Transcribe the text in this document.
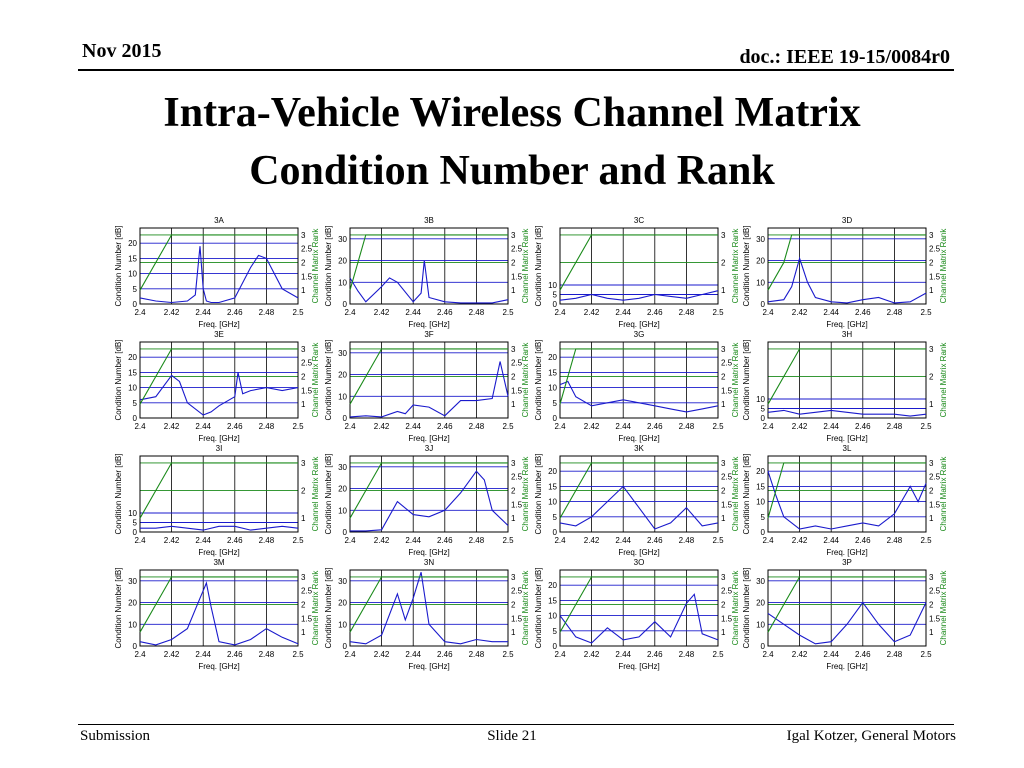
Nov 2015	doc.: IEEE 19-15/0084r0
Intra-Vehicle Wireless Channel Matrix
Condition Number and Rank
2.4 2.42 2.44 2.46 2.48 2.5
0
5
10
15
20
1
1.5
2
2.5
3
3A
Freq. [GHz]
Condition Number [dB]	Channel Matrix Rank
2.4 2.42 2.44 2.46 2.48 2.5
0
10
20
30
1
1.5
2
2.5
3
3B
Freq. [GHz]
Condition Number [dB]	Channel Matrix Rank
2.4 2.42 2.44 2.46 2.48 2.5
0
5
10
1
2
3
3C
Freq. [GHz]
Condition Number [dB]	Channel Matrix Rank
2.4 2.42 2.44 2.46 2.48 2.5
0
10
20
30
1
1.5
2
2.5
3
3D
Freq. [GHz]
Condition Number [dB]	Channel Matrix Rank
2.4 2.42 2.44 2.46 2.48 2.5
0
5
10
15
20
1
1.5
2
2.5
3
3E
Freq. [GHz]
Condition Number [dB]	Channel Matrix Rank
2.4 2.42 2.44 2.46 2.48 2.5
0
10
20
30
1
1.5
2
2.5
3
3F
Freq. [GHz]
Condition Number [dB]	Channel Matrix Rank
2.4 2.42 2.44 2.46 2.48 2.5
0
5
10
15
20
1
1.5
2
2.5
3
3G
Freq. [GHz]
Condition Number [dB]	Channel Matrix Rank
2.4 2.42 2.44 2.46 2.48 2.5
0
5
10
1
2
3
3H
Freq. [GHz]
Condition Number [dB]	Channel Matrix Rank
2.4 2.42 2.44 2.46 2.48 2.5
0
5
10
1
2
3
3I
Freq. [GHz]
Condition Number [dB]	Channel Matrix Rank
2.4 2.42 2.44 2.46 2.48 2.5
0
10
20
30
1
1.5
2
2.5
3
3J
Freq. [GHz]
Condition Number [dB]	Channel Matrix Rank
2.4 2.42 2.44 2.46 2.48 2.5
0
5
10
15
20
1
1.5
2
2.5
3
3K
Freq. [GHz]
Condition Number [dB]	Channel Matrix Rank
2.4 2.42 2.44 2.46 2.48 2.5
0
5
10
15
20
1
1.5
2
2.5
3
3L
Freq. [GHz]
Condition Number [dB]	Channel Matrix Rank
2.4 2.42 2.44 2.46 2.48 2.5
0
10
20
30
1
1.5
2
2.5
3
3M
Freq. [GHz]
Condition Number [dB]	Channel Matrix Rank
2.4 2.42 2.44 2.46 2.48 2.5
0
10
20
30
1
1.5
2
2.5
3
3N
Freq. [GHz]
Condition Number [dB]	Channel Matrix Rank
2.4 2.42 2.44 2.46 2.48 2.5
0
5
10
15
20
1
1.5
2
2.5
3
3O
Freq. [GHz]
Condition Number [dB]	Channel Matrix Rank
2.4 2.42 2.44 2.46 2.48 2.5
0
10
20
30
1
1.5
2
2.5
3
3P
Freq. [GHz]
Condition Number [dB]	Channel Matrix Rank
Submission	Slide 21	Igal Kotzer, General Motors
